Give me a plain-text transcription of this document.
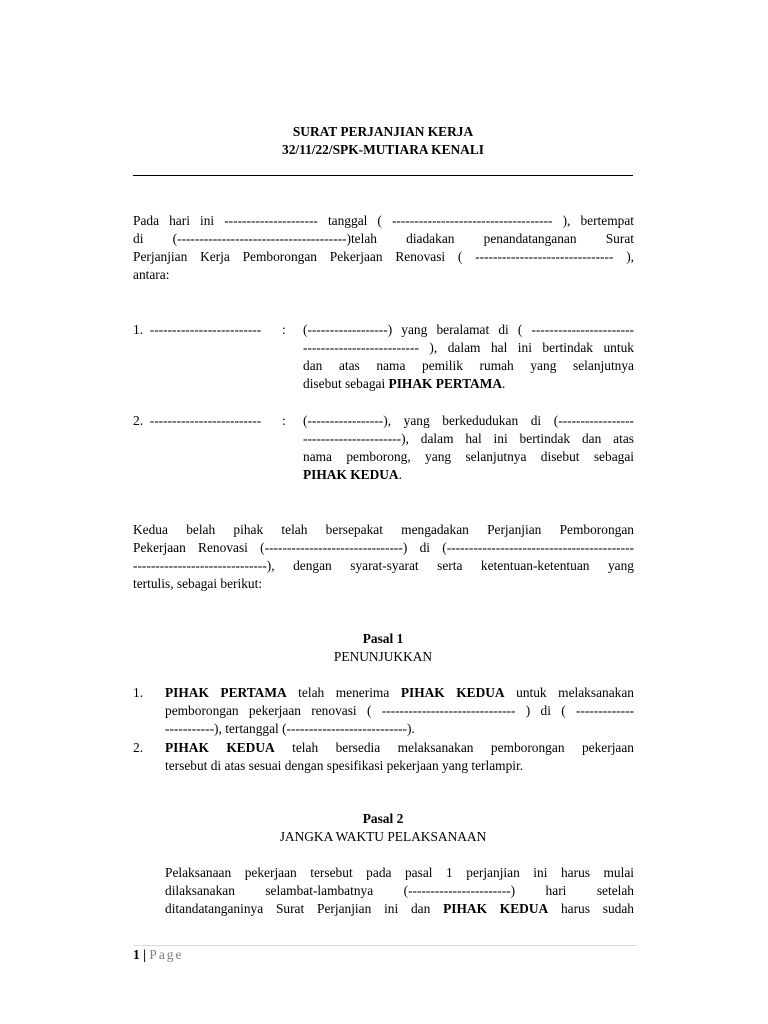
SURAT PERJANJIAN KERJA
32/11/22/SPK-MUTIARA KENALI
Pada hari ini --------------------- tanggal ( ------------------------------------ ), bertempat
di (--------------------------------------)telah diadakan penandatanganan Surat
Perjanjian Kerja Pemborongan Pekerjaan Renovasi ( ------------------------------- ),
antara:
1. ------------------------- : (------------------) yang beralamat di ( -----------------------
-------------------------- ), dalam hal ini bertindak untuk
dan atas nama pemilik rumah yang selanjutnya
disebut sebagai PIHAK PERTAMA.
2. ------------------------- : (-----------------), yang berkedudukan di (-----------------
----------------------), dalam hal ini bertindak dan atas
nama pemborong, yang selanjutnya disebut sebagai
PIHAK KEDUA.
Kedua belah pihak telah bersepakat mengadakan Perjanjian Pemborongan
Pekerjaan Renovasi (-------------------------------) di (------------------------------------------
------------------------------), dengan syarat-syarat serta ketentuan-ketentuan yang
tertulis, sebagai berikut:
Pasal 1
PENUNJUKKAN
1. PIHAK PERTAMA telah menerima PIHAK KEDUA untuk melaksanakan
pemborongan pekerjaan renovasi ( ------------------------------ ) di ( -------------
-----------), tertanggal (---------------------------).
2. PIHAK KEDUA telah bersedia melaksanakan pemborongan pekerjaan
tersebut di atas sesuai dengan spesifikasi pekerjaan yang terlampir.
Pasal 2
JANGKA WAKTU PELAKSANAAN
Pelaksanaan pekerjaan tersebut pada pasal 1 perjanjian ini harus mulai
dilaksanakan selambat-lambatnya (-----------------------) hari setelah
ditandatanganinya Surat Perjanjian ini dan PIHAK KEDUA harus sudah
1 | Page
